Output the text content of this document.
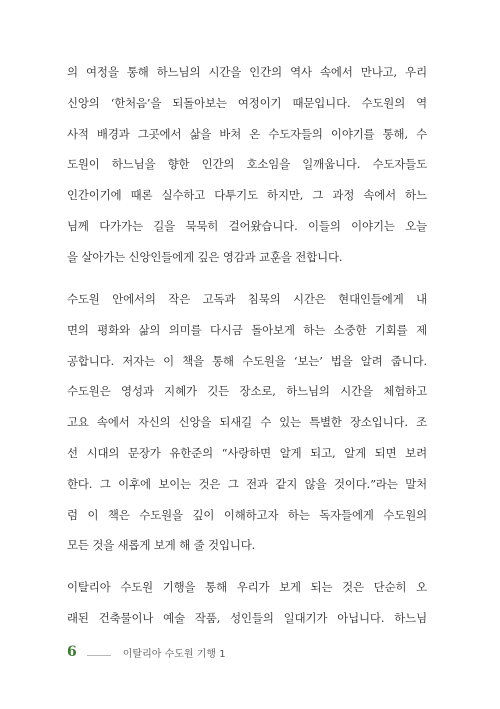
의 여정을 통해 하느님의 시간을 인간의 역사 속에서 만나고, 우리
신앙의 ‘한처음’을 되돌아보는 여정이기 때문입니다. 수도원의 역
사적 배경과 그곳에서 삶을 바쳐 온 수도자들의 이야기를 통해, 수
도원이 하느님을 향한 인간의 호소임을 일깨웁니다. 수도자들도
인간이기에 때론 실수하고 다투기도 하지만, 그 과정 속에서 하느
님께 다가가는 길을 묵묵히 걸어왔습니다. 이들의 이야기는 오늘
을 살아가는 신앙인들에게 깊은 영감과 교훈을 전합니다.
수도원 안에서의 작은 고독과 침묵의 시간은 현대인들에게 내
면의 평화와 삶의 의미를 다시금 돌아보게 하는 소중한 기회를 제
공합니다. 저자는 이 책을 통해 수도원을 ‘보는’ 법을 알려 줍니다.
수도원은 영성과 지혜가 깃든 장소로, 하느님의 시간을 체험하고
고요 속에서 자신의 신앙을 되새길 수 있는 특별한 장소입니다. 조
선 시대의 문장가 유한준의 “사랑하면 알게 되고, 알게 되면 보려
한다. 그 이후에 보이는 것은 그 전과 같지 않을 것이다.”라는 말처
럼 이 책은 수도원을 깊이 이해하고자 하는 독자들에게 수도원의
모든 것을 새롭게 보게 해 줄 것입니다.
이탈리아 수도원 기행을 통해 우리가 보게 되는 것은 단순히 오
래된 건축물이나 예술 작품, 성인들의 일대기가 아닙니다. 하느님
6	이탈리아 수도원 기행 1
